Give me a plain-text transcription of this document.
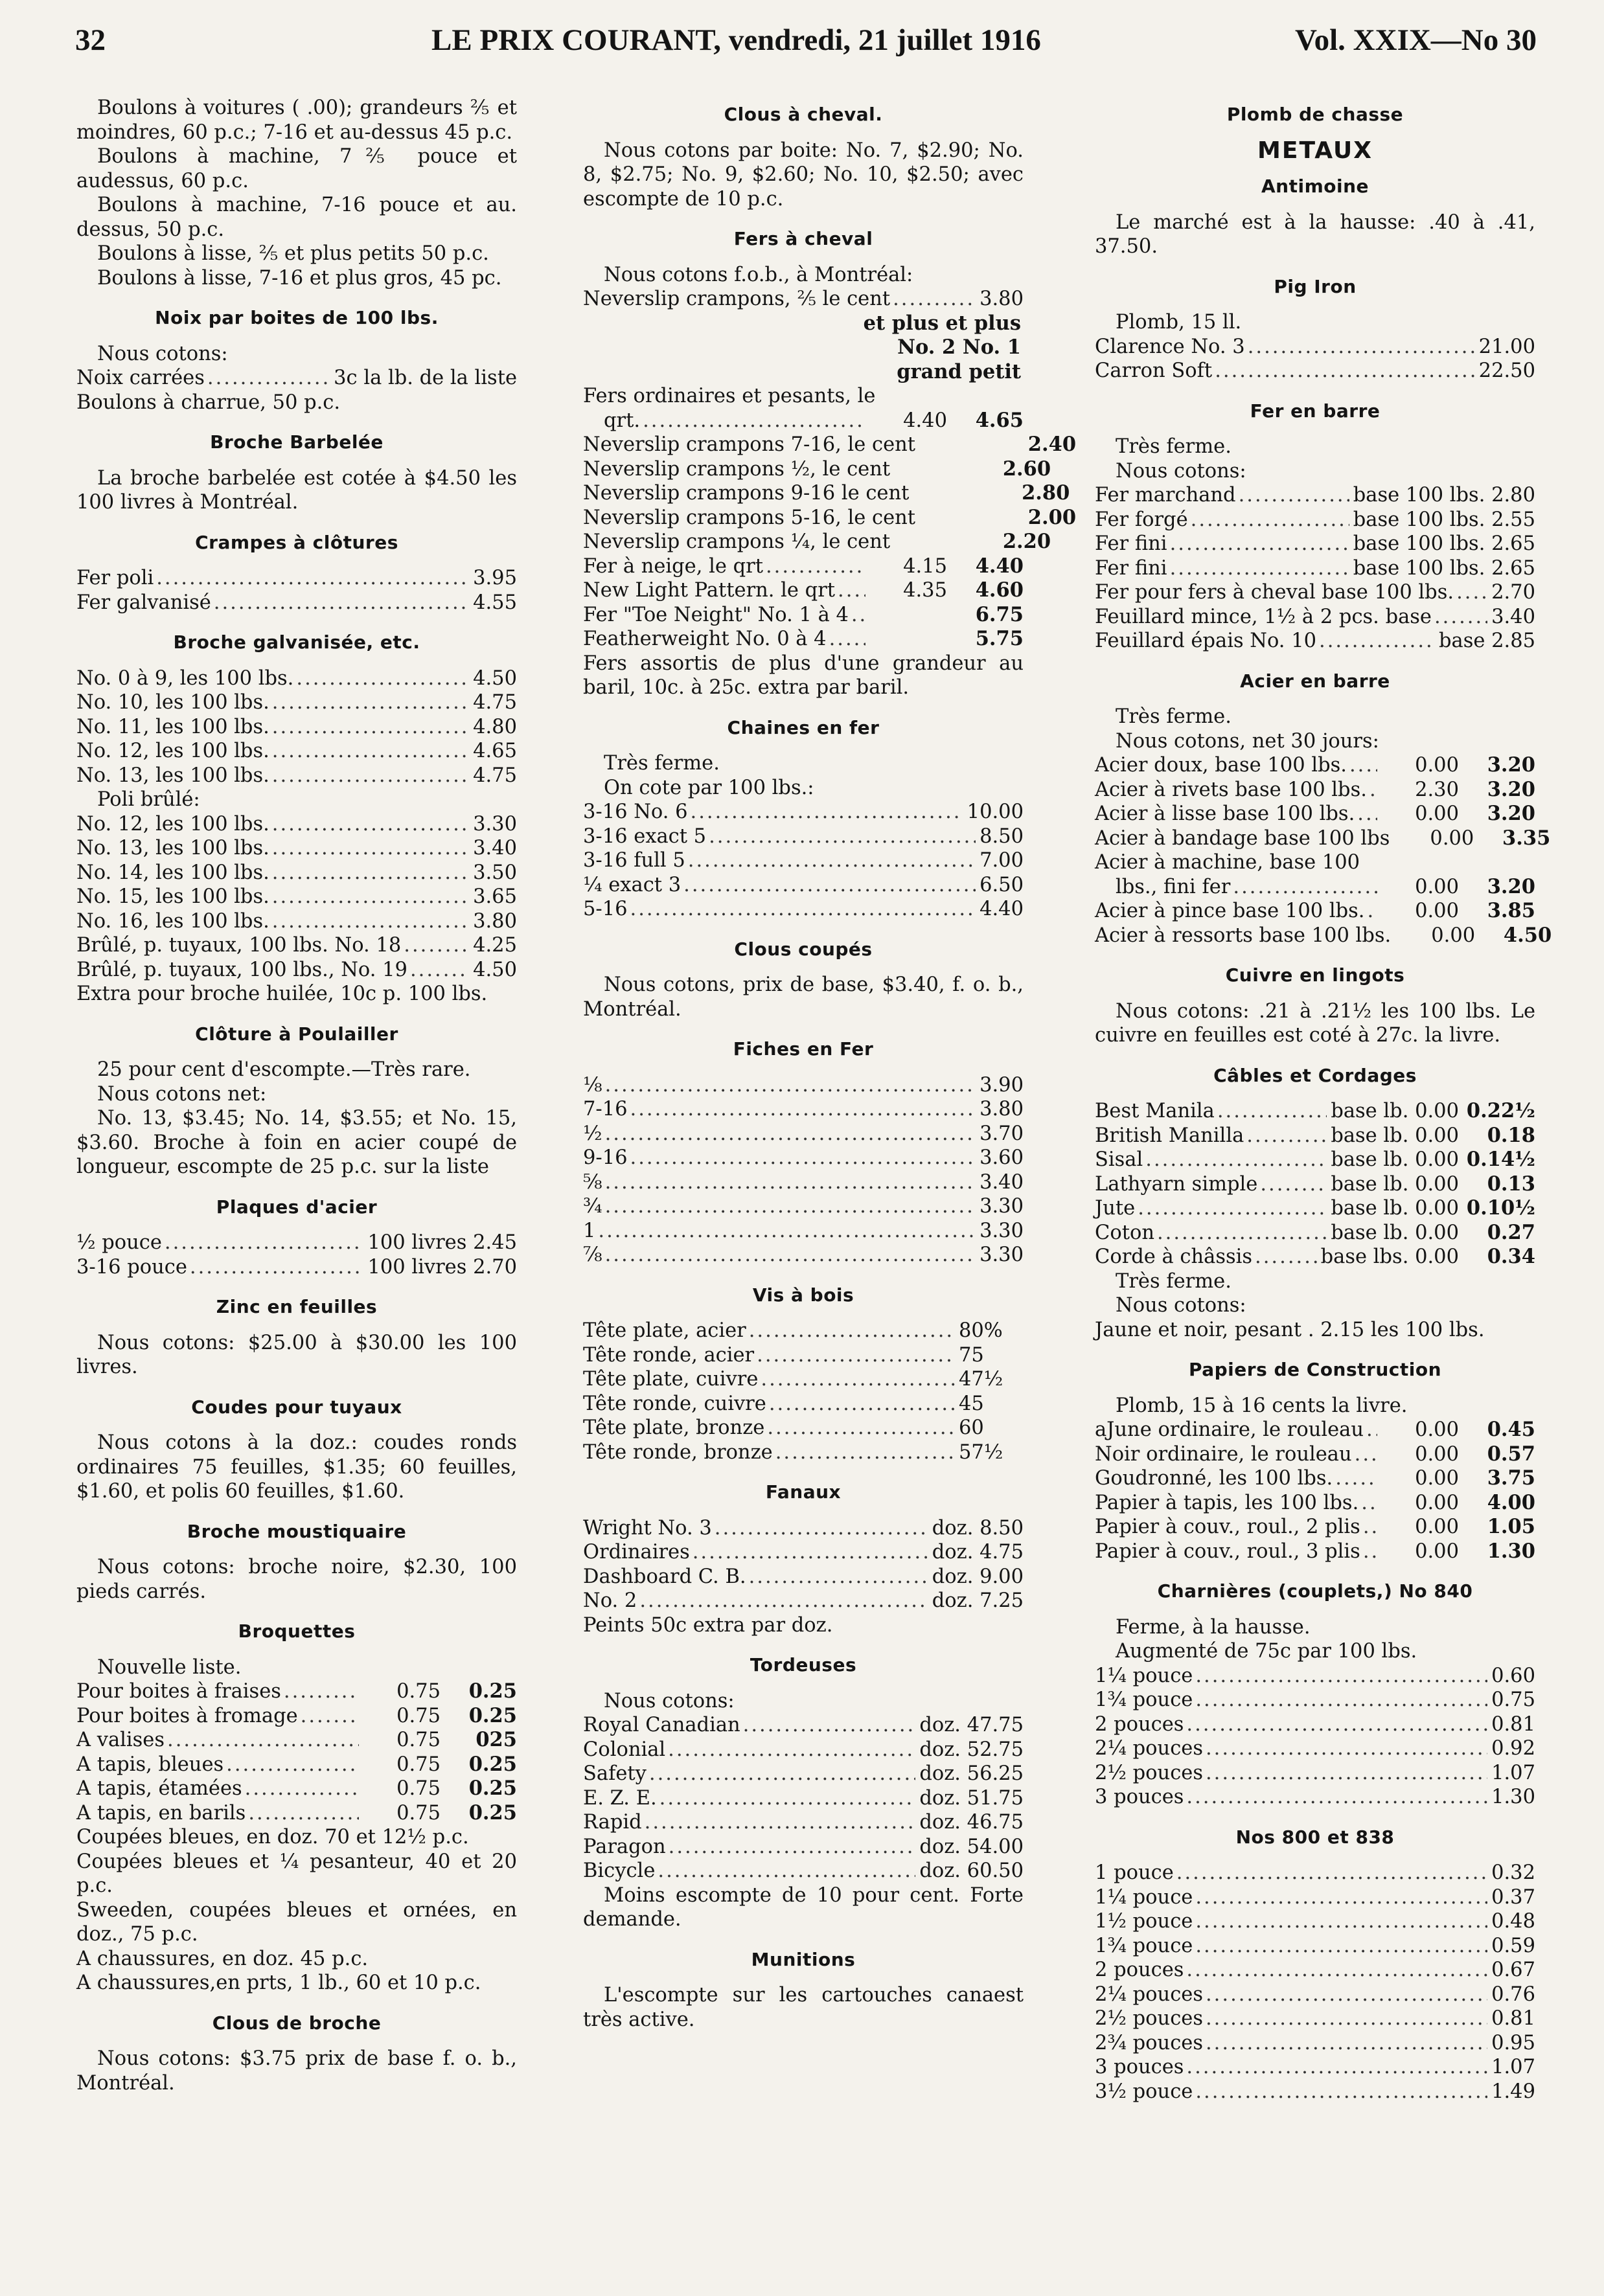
32	LE PRIX COURANT, vendredi, 21 juillet 1916	Vol. XXIX—No 30

Boulons à voitures ( .00); grandeurs ⅖ et moindres, 60 p.c.; 7-16 et au-dessus 45 p.c.

Boulons à machine, 7⅖ pouce et audessus, 60 p.c.

Boulons à machine, 7-16 pouce et au. dessus, 50 p.c.

Boulons à lisse, ⅖ et plus petits 50 p.c.

Boulons à lisse, 7-16 et plus gros, 45 pc.

Noix par boites de 100 lbs.

Nous cotons:

Noix carrées .....	3c la lb. de la liste

Boulons à charrue, 50 p.c.

Broche Barbelée

La broche barbelée est cotée à $4.50 les 100 livres à Montréal.

Crampes à clôtures
Fer poli .....	3.95
Fer galvanisé .....	4.55
Broche galvanisée, etc.
No. 0 à 9, les 100 lbs. .....	4.50
No. 10, les 100 lbs. .....	4.75
No. 11, les 100 lbs. .....	4.80
No. 12, les 100 lbs. .....	4.65
No. 13, les 100 lbs. .....	4.75

Poli brûlé:

No. 12, les 100 lbs. .....	3.30
No. 13, les 100 lbs. .....	3.40
No. 14, les 100 lbs. .....	3.50
No. 15, les 100 lbs. .....	3.65
No. 16, les 100 lbs. .....	3.80
Brûlé, p. tuyaux, 100 lbs. No. 18 .....	4.25
Brûlé, p. tuyaux, 100 lbs., No. 19 .....	4.50

Extra pour broche huilée, 10c p. 100 lbs.

Clôture à Poulailler

25 pour cent d'escompte.—Très rare.

Nous cotons net:

No. 13, $3.45; No. 14, $3.55; et No. 15, $3.60. Broche à foin en acier coupé de longueur, escompte de 25 p.c. sur la liste

Plaques d'acier
½ pouce .....	100 livres 2.45
3-16 pouce .....	100 livres 2.70
Zinc en feuilles

Nous cotons: $25.00 à $30.00 les 100 livres.

Coudes pour tuyaux

Nous cotons à la doz.: coudes ronds ordinaires 75 feuilles, $1.35; 60 feuilles, $1.60, et polis 60 feuilles, $1.60.

Broche moustiquaire

Nous cotons: broche noire, $2.30, 100 pieds carrés.

Broquettes

Nouvelle liste.

Pour boites à fraises .....	0.75	0.25
Pour boites à fromage .....	0.75	0.25
A valises .....	0.75	025
A tapis, bleues .....	0.75	0.25
A tapis, étamées .....	0.75	0.25
A tapis, en barils .....	0.75	0.25

Coupées bleues, en doz. 70 et 12½ p.c.

Coupées bleues et ¼ pesanteur, 40 et 20 p.c.

Sweeden, coupées bleues et ornées, en doz., 75 p.c.

A chaussures, en doz. 45 p.c.

A chaussures,en prts, 1 lb., 60 et 10 p.c.

Clous de broche

Nous cotons: $3.75 prix de base f. o. b., Montréal.

Clous à cheval.

Nous cotons par boite: No. 7, $2.90; No. 8, $2.75; No. 9, $2.60; No. 10, $2.50; avec escompte de 10 p.c.

Fers à cheval

Nous cotons f.o.b., à Montréal:

Neverslip crampons, ⅖ le cent .....	3.80

et plus et plus

No. 2 No. 1

grand petit

Fers ordinaires et pesants, le

qrt. .....	4.40	4.65
Neverslip crampons 7-16, le cent	2.40
Neverslip crampons ½, le cent	2.60
Neverslip crampons 9-16 le cent	2.80
Neverslip crampons 5-16, le cent	2.00
Neverslip crampons ¼, le cent	2.20
Fer à neige, le qrt .....	4.15	4.40
New Light Pattern. le qrt .....	4.35	4.60
Fer "Toe Neight" No. 1 à 4 .....	6.75
Featherweight No. 0 à 4 .....	5.75

Fers assortis de plus d'une grandeur au baril, 10c. à 25c. extra par baril.

Chaines en fer

Très ferme.

On cote par 100 lbs.:

3-16 No. 6 .....	10.00
3-16 exact 5 .....	8.50
3-16 full 5 .....	7.00
¼ exact 3 .....	6.50
5-16 .....	4.40
Clous coupés

Nous cotons, prix de base, $3.40, f. o. b., Montréal.

Fiches en Fer
⅛ .....	3.90
7-16 .....	3.80
½ .....	3.70
9-16 .....	3.60
⅝ .....	3.40
¾ .....	3.30
1 .....	3.30
⅞ .....	3.30
Vis à bois
Tête plate, acier .....	80%
Tête ronde, acier .....	75
Tête plate, cuivre .....	47½
Tête ronde, cuivre .....	45
Tête plate, bronze .....	60
Tête ronde, bronze .....	57½
Fanaux
Wright No. 3 .....	doz. 8.50
Ordinaires .....	doz. 4.75
Dashboard C. B. .....	doz. 9.00
No. 2 .....	doz. 7.25

Peints 50c extra par doz.

Tordeuses

Nous cotons:

Royal Canadian .....	doz. 47.75
Colonial .....	doz. 52.75
Safety .....	doz. 56.25
E. Z. E. .....	doz. 51.75
Rapid .....	doz. 46.75
Paragon .....	doz. 54.00
Bicycle .....	doz. 60.50

Moins escompte de 10 pour cent. Forte demande.

Munitions

L'escompte sur les cartouches canaest très active.

Plomb de chasse
METAUX
Antimoine

Le marché est à la hausse: .40 à .41, 37.50.

Pig Iron

Plomb, 15 ll.

Clarence No. 3 .....	21.00
Carron Soft .....	22.50
Fer en barre

Très ferme.

Nous cotons:

Fer marchand .....	base 100 lbs. 2.80
Fer forgé .....	base 100 lbs. 2.55
Fer fini .....	base 100 lbs. 2.65
Fer fini .....	base 100 lbs. 2.65
Fer pour fers à cheval base 100 lbs. ..... 2.70
Feuillard mince, 1½ à 2 pcs. base .....	3.40
Feuillard épais No. 10 .....	base 2.85
Acier en barre

Très ferme.

Nous cotons, net 30 jours:

Acier doux, base 100 lbs. .....	0.00	3.20
Acier à rivets base 100 lbs. .....	2.30	3.20
Acier à lisse base 100 lbs. .....	0.00	3.20
Acier à bandage base 100 lbs	0.00	3.35

Acier à machine, base 100

lbs., fini fer .....	0.00	3.20
Acier à pince base 100 lbs. .....	0.00	3.85
Acier à ressorts base 100 lbs.	0.00	4.50
Cuivre en lingots

Nous cotons: .21 à .21½ les 100 lbs. Le cuivre en feuilles est coté à 27c. la livre.

Câbles et Cordages
Best Manila .....	base lb. 0.00 0.22½
British Manilla .....	base lb. 0.00	0.18
Sisal .....	base lb. 0.00 0.14½
Lathyarn simple .....	base lb. 0.00	0.13
Jute .....	base lb. 0.00 0.10½
Coton .....	base lb. 0.00	0.27
Corde à châssis .....	base lbs. 0.00	0.34

Très ferme.

Nous cotons:

Jaune et noir, pesant . 2.15 les 100 lbs.

Papiers de Construction

Plomb, 15 à 16 cents la livre.

aJune ordinaire, le rouleau .....	0.00	0.45
Noir ordinaire, le rouleau .....	0.00	0.57
Goudronné, les 100 lbs. .....	0.00	3.75
Papier à tapis, les 100 lbs. .....	0.00	4.00
Papier à couv., roul., 2 plis .....	0.00	1.05
Papier à couv., roul., 3 plis .....	0.00	1.30
Charnières (couplets,) No 840

Ferme, à la hausse.

Augmenté de 75c par 100 lbs.

1¼ pouce .....	0.60
1¾ pouce .....	0.75
2 pouces .....	0.81
2¼ pouces .....	0.92
2½ pouces .....	1.07
3 pouces .....	1.30
Nos 800 et 838
1 pouce .....	0.32
1¼ pouce .....	0.37
1½ pouce .....	0.48
1¾ pouce .....	0.59
2 pouces .....	0.67
2¼ pouces .....	0.76
2½ pouces .....	0.81
2¾ pouces .....	0.95
3 pouces .....	1.07
3½ pouce .....	1.49
